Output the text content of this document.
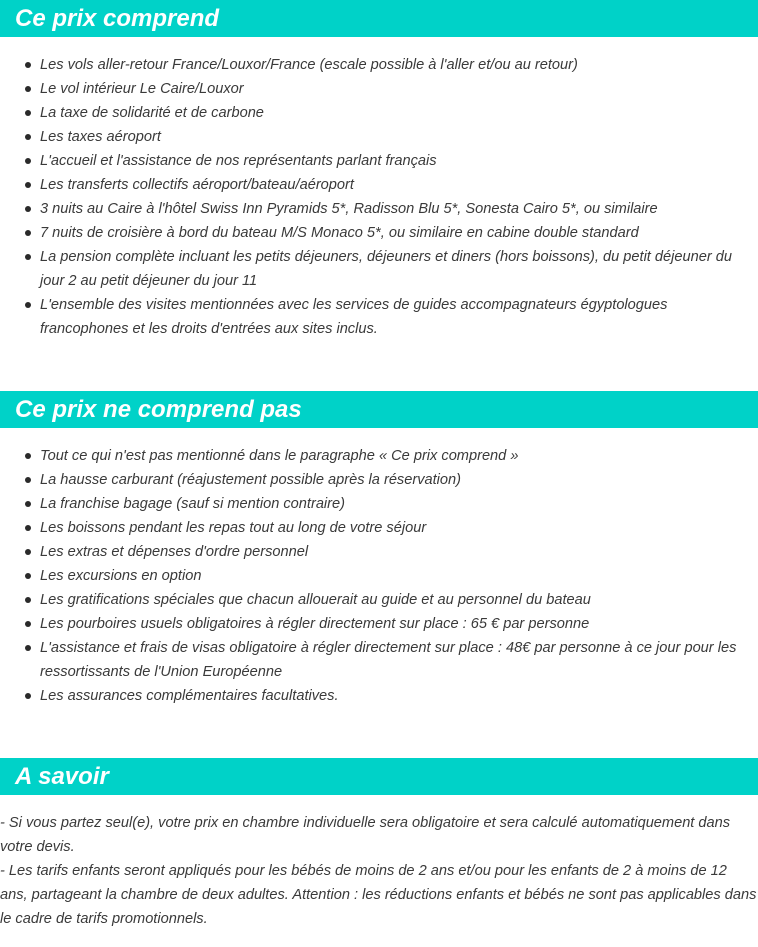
Ce prix comprend
Les vols aller-retour France/Louxor/France (escale possible à l'aller et/ou au retour)
Le vol intérieur Le Caire/Louxor
La taxe de solidarité et de carbone
Les taxes aéroport
L'accueil et l'assistance de nos représentants parlant français
Les transferts collectifs aéroport/bateau/aéroport
3 nuits au Caire à l'hôtel Swiss Inn Pyramids 5*, Radisson Blu 5*, Sonesta Cairo 5*, ou similaire
7 nuits de croisière à bord du bateau M/S Monaco 5*, ou similaire en cabine double standard
La pension complète incluant les petits déjeuners, déjeuners et diners (hors boissons), du petit déjeuner du jour 2 au petit déjeuner du jour 11
L'ensemble des visites mentionnées avec les services de guides accompagnateurs égyptologues francophones et les droits d'entrées aux sites inclus.
Ce prix ne comprend pas
Tout ce qui n'est pas mentionné dans le paragraphe « Ce prix comprend »
La hausse carburant (réajustement possible après la réservation)
La franchise bagage (sauf si mention contraire)
Les boissons pendant les repas tout au long de votre séjour
Les extras et dépenses d'ordre personnel
Les excursions en option
Les gratifications spéciales que chacun allouerait au guide et au personnel du bateau
Les pourboires usuels obligatoires à régler directement sur place : 65 € par personne
L'assistance et frais de visas obligatoire à régler directement sur place : 48€ par personne à ce jour pour les ressortissants de l'Union Européenne
Les assurances complémentaires facultatives.
A savoir

- Si vous partez seul(e), votre prix en chambre individuelle sera obligatoire et sera calculé automatiquement dans votre devis.

- Les tarifs enfants seront appliqués pour les bébés de moins de 2 ans et/ou pour les enfants de 2 à moins de 12 ans, partageant la chambre de deux adultes. Attention : les réductions enfants et bébés ne sont pas applicables dans le cadre de tarifs promotionnels.
